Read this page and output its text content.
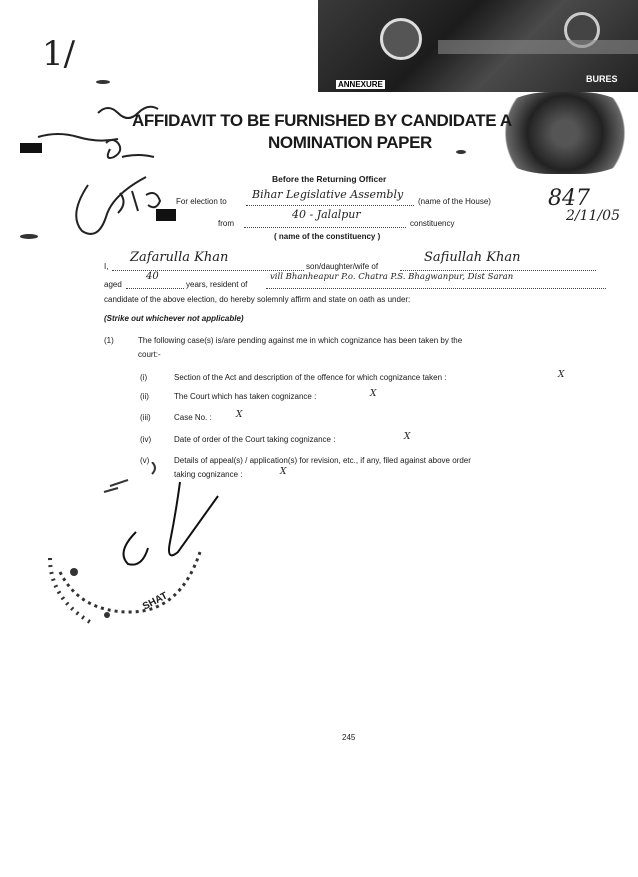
ANNEXURE
BURES
1/
847
2/11/05
AFFIDAVIT TO BE FURNISHED BY CANDIDATE A
NOMINATION PAPER
Before the Returning Officer
For election to
Bihar Legislative Assembly
(name of the House)
from
40 - Jalalpur
constituency
( name of the constituency )
I,
Zafarulla Khan
son/daughter/wife of
Safiullah Khan
aged
40
years, resident of
vill Bhanheapur P.o. Chatra P.S. Bhagwanpur, Dist Saran
candidate of the above election, do hereby solemnly affirm and state on oath as under:
(Strike out whichever not applicable)
(1)	The following case(s) is/are pending against me in which cognizance has been taken by the
court:-
(i)	Section of the Act and description of the offence for which cognizance taken :	X
(ii)	The Court which has taken cognizance :	X
(iii)	Case No. :	X
(iv)	Date of order of the Court taking cognizance :	X
(v)	Details of appeal(s) / application(s) for revision, etc., if any, filed against above order
taking cognizance :	X
SHAT
245
